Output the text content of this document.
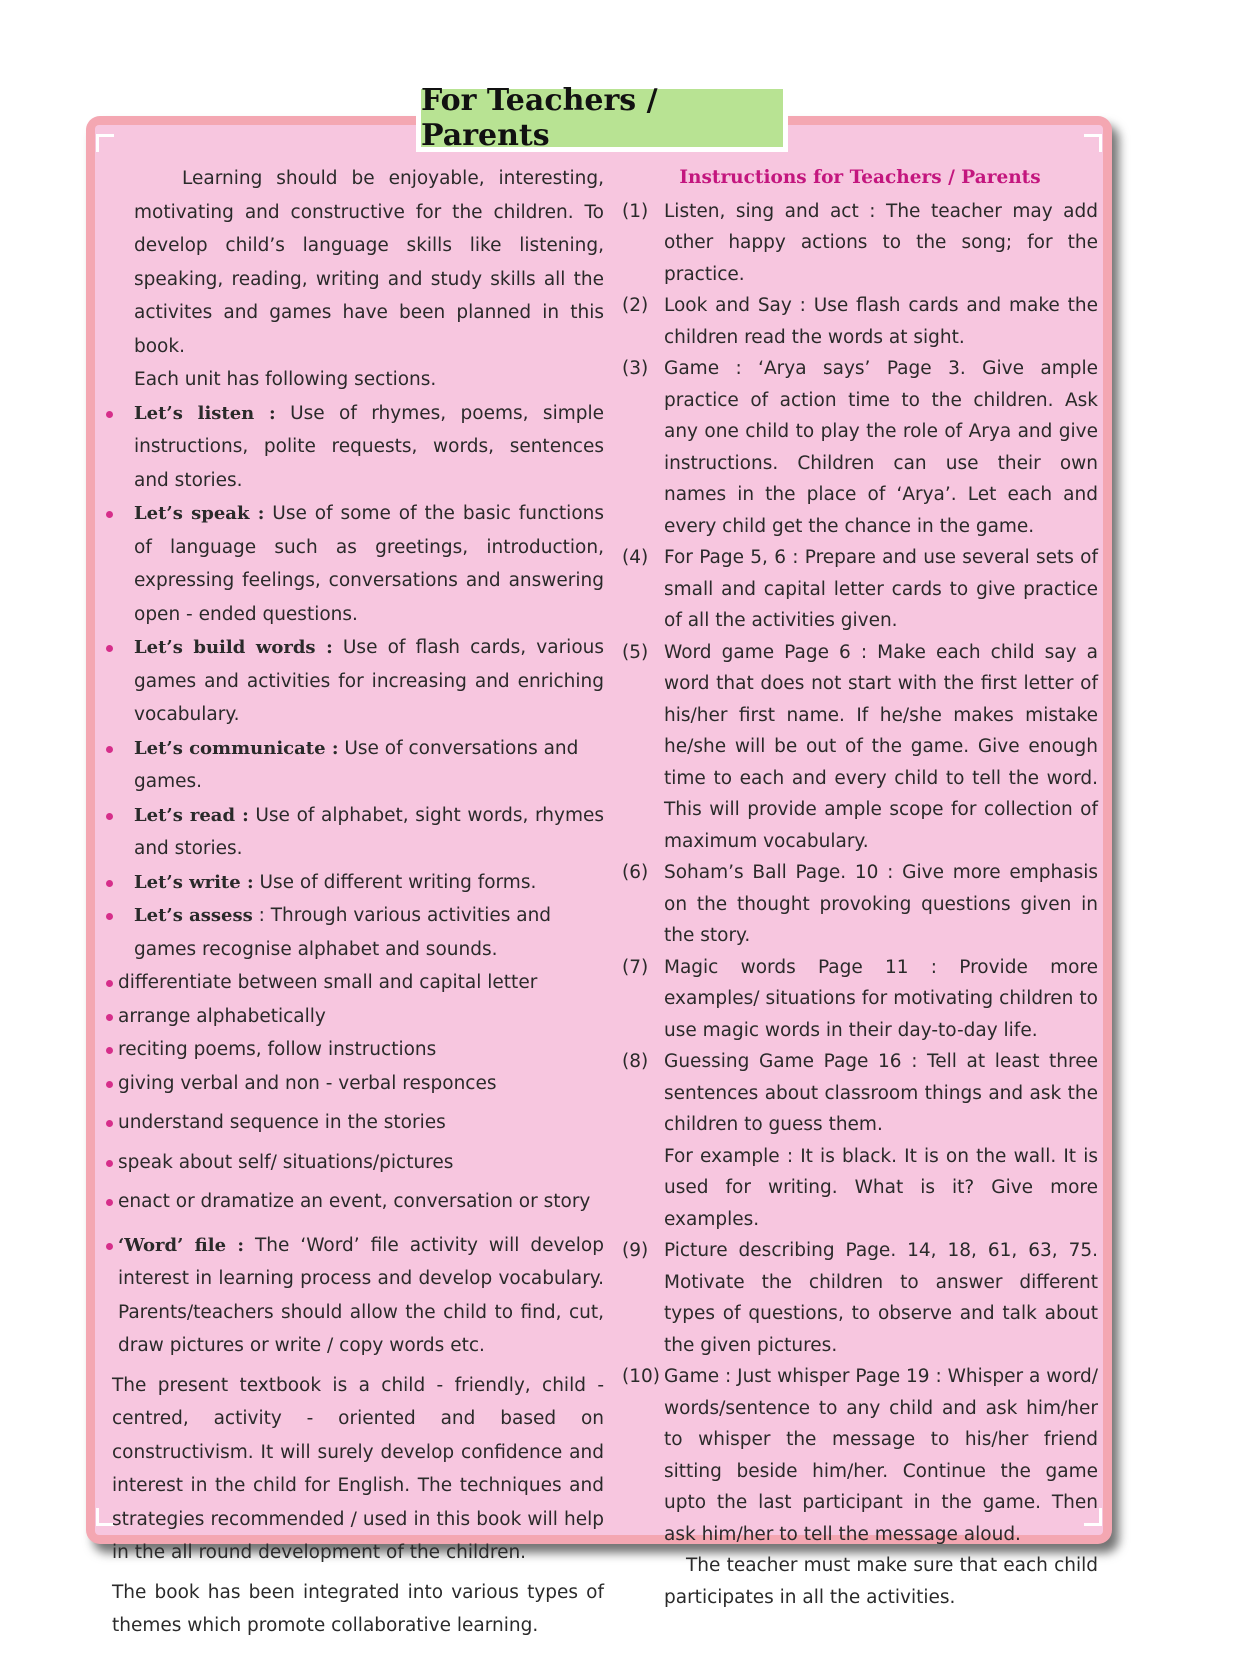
For Teachers / Parents

Learning should be enjoyable, interesting, motivating and constructive for the children. To develop child’s language skills like listening, speaking, reading, writing and study skills all the activites and games have been planned in this book.

Each unit has following sections.

Let’s listen : Use of rhymes, poems, simple instructions, polite requests, words, sentences and stories.

Let’s speak : Use of some of the basic functions of language such as greetings, introduction, expressing feelings, conversations and answering open - ended questions.

Let’s build words : Use of flash cards, various games and activities for increasing and enriching vocabulary.

Let’s communicate : Use of conversations and games.

Let’s read : Use of alphabet, sight words, rhymes and stories.

Let’s write : Use of different writing forms.

Let’s assess : Through various activities and games recognise alphabet and sounds.

differentiate between small and capital letter

arrange alphabetically

reciting poems, follow instructions

giving verbal and non - verbal responces

understand sequence in the stories

speak about self/ situations/pictures

enact or dramatize an event, conversation or story

‘Word’ file : The ‘Word’ file activity will develop interest in learning process and develop vocabulary. Parents/teachers should allow the child to find, cut, draw pictures or write / copy words etc.

The present textbook is a child - friendly, child - centred, activity - oriented and based on constructivism. It will surely develop confidence and interest in the child for English. The techniques and strategies recommended / used in this book will help in the all round development of the children.

The book has been integrated into various types of themes which promote collaborative learning.

Instructions for Teachers / Parents

(1) Listen, sing and act : The teacher may add other happy actions to the song; for the practice.

(2) Look and Say : Use flash cards and make the children read the words at sight.

(3) Game : ‘Arya says’ Page 3. Give ample practice of action time to the children. Ask any one child to play the role of Arya and give instructions. Children can use their own names in the place of ‘Arya’. Let each and every child get the chance in the game.

(4) For Page 5, 6 : Prepare and use several sets of small and capital letter cards to give practice of all the activities given.

(5) Word game Page 6 : Make each child say a word that does not start with the first letter of his/her first name. If he/she makes mistake he/she will be out of the game. Give enough time to each and every child to tell the word. This will provide ample scope for collection of maximum vocabulary.

(6) Soham’s Ball Page. 10 : Give more emphasis on the thought provoking questions given in the story.

(7) Magic words Page 11 : Provide more examples/ situations for motivating children to use magic words in their day-to-day life.

(8) Guessing Game Page 16 : Tell at least three sentences about classroom things and ask the children to guess them.

For example : It is black. It is on the wall. It is used for writing. What is it? Give more examples.

(9) Picture describing Page. 14, 18, 61, 63, 75. Motivate the children to answer different types of questions, to observe and talk about the given pictures.

(10) Game : Just whisper Page 19 : Whisper a word/ words/sentence to any child and ask him/her to whisper the message to his/her friend sitting beside him/her. Continue the game upto the last participant in the game. Then ask him/her to tell the message aloud.

The teacher must make sure that each child participates in all the activities.
